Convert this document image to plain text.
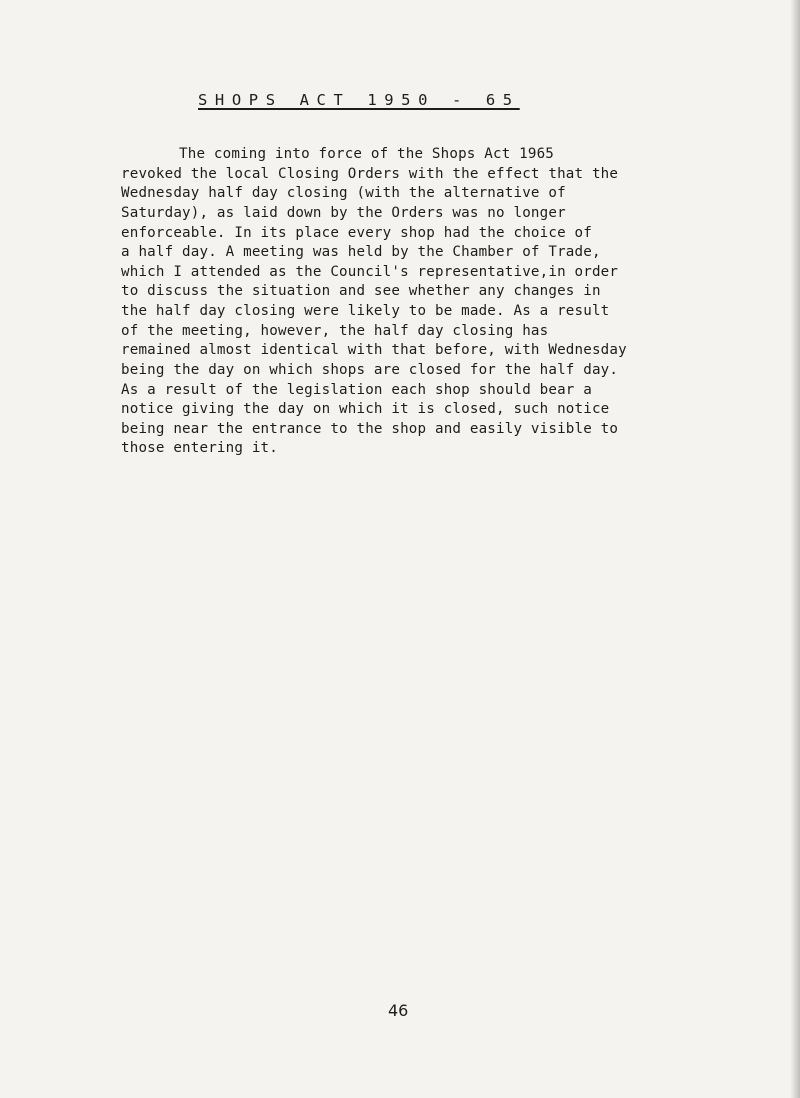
SHOPS ACT 1950 - 65
The coming into force of the Shops Act 1965
revoked the local Closing Orders with the effect that the
Wednesday half day closing (with the alternative of
Saturday), as laid down by the Orders was no longer
enforceable. In its place every shop had the choice of
a half day. A meeting was held by the Chamber of Trade,
which I attended as the Council's representative,in order
to discuss the situation and see whether any changes in
the half day closing were likely to be made. As a result
of the meeting, however, the half day closing has
remained almost identical with that before, with Wednesday
being the day on which shops are closed for the half day.
As a result of the legislation each shop should bear a
notice giving the day on which it is closed, such notice
being near the entrance to the shop and easily visible to
those entering it.
46
